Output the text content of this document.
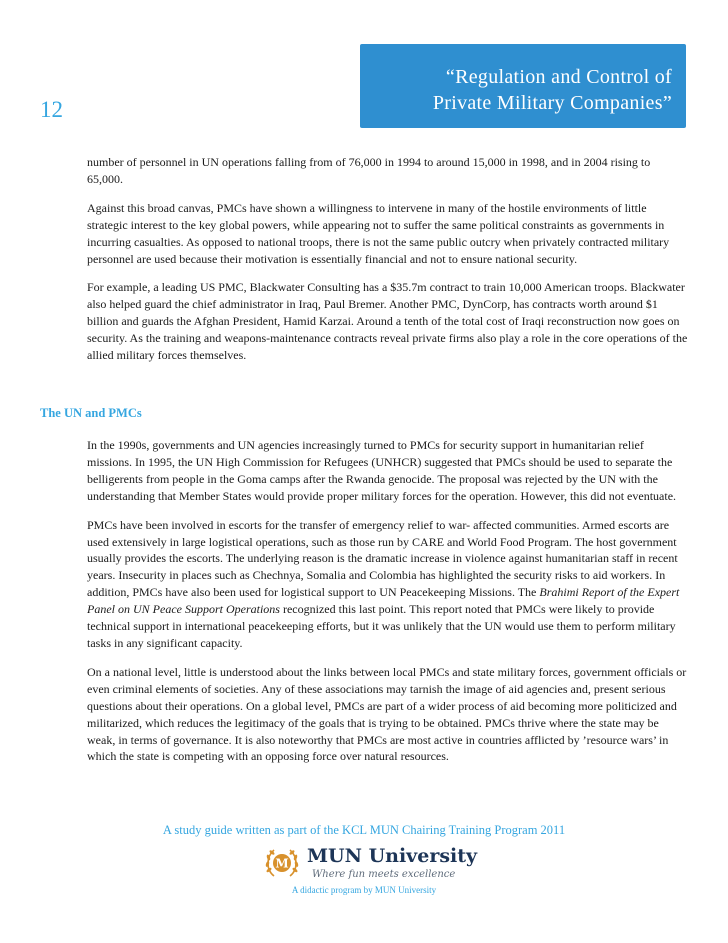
“Regulation and Control of
Private Military Companies”
12

number of personnel in UN operations falling from of 76,000 in 1994 to around 15,000 in 1998, and in 2004 rising to 65,000.

Against this broad canvas, PMCs have shown a willingness to intervene in many of the hostile environments of little strategic interest to the key global powers, while appearing not to suffer the same political constraints as governments in incurring casualties. As opposed to national troops, there is not the same public outcry when privately contracted military personnel are used because their motivation is essentially financial and not to ensure national security.

For example, a leading US PMC, Blackwater Consulting has a $35.7m contract to train 10,000 American troops. Blackwater also helped guard the chief administrator in Iraq, Paul Bremer. Another PMC, DynCorp, has contracts worth around $1 billion and guards the Afghan President, Hamid Karzai. Around a tenth of the total cost of Iraqi reconstruction now goes on security. As the training and weapons-maintenance contracts reveal private firms also play a role in the core operations of the allied military forces themselves.

The UN and PMCs

In the 1990s, governments and UN agencies increasingly turned to PMCs for security support in humanitarian relief missions. In 1995, the UN High Commission for Refugees (UNHCR) suggested that PMCs should be used to separate the belligerents from people in the Goma camps after the Rwanda genocide. The proposal was rejected by the UN with the understanding that Member States would provide proper military forces for the operation. However, this did not eventuate.

PMCs have been involved in escorts for the transfer of emergency relief to war- affected communities. Armed escorts are used extensively in large logistical operations, such as those run by CARE and World Food Program. The host government usually provides the escorts. The underlying reason is the dramatic increase in violence against humanitarian staff in recent years. Insecurity in places such as Chechnya, Somalia and Colombia has highlighted the security risks to aid workers. In addition, PMCs have also been used for logistical support to UN Peacekeeping Missions. The Brahimi Report of the Expert Panel on UN Peace Support Operations recognized this last point. This report noted that PMCs were likely to provide technical support in international peacekeeping efforts, but it was unlikely that the UN would use them to perform military tasks in any significant capacity.

On a national level, little is understood about the links between local PMCs and state military forces, government officials or even criminal elements of societies. Any of these associations may tarnish the image of aid agencies and, present serious questions about their operations. On a global level, PMCs are part of a wider process of aid becoming more politicized and militarized, which reduces the legitimacy of the goals that is trying to be obtained. PMCs thrive where the state may be weak, in terms of governance. It is also noteworthy that PMCs are most active in countries afflicted by ’resource wars’ in which the state is competing with an opposing force over natural resources.

A study guide written as part of the KCL MUN Chairing Training Program 2011
M MUN University
Where fun meets excellence
A didactic program by MUN University
